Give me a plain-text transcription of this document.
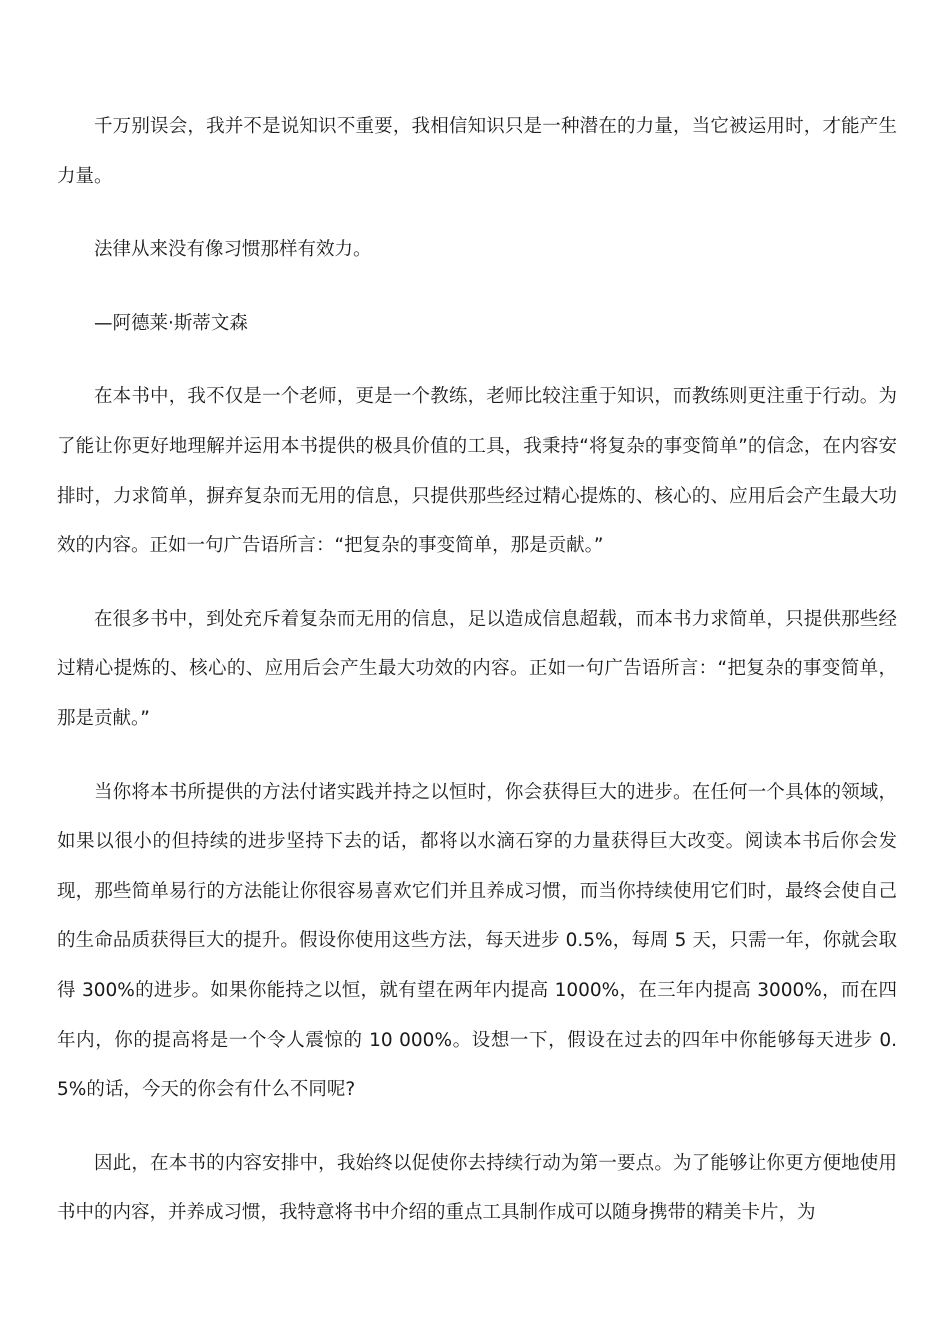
千万别误会，我并不是说知识不重要，我相信知识只是一种潜在的力量，当它被运用时，才能产生力量。

法律从来没有像习惯那样有效力。

—阿德莱·斯蒂文森

在本书中，我不仅是一个老师，更是一个教练，老师比较注重于知识，而教练则更注重于行动。为了能让你更好地理解并运用本书提供的极具价值的工具，我秉持“将复杂的事变简单”的信念，在内容安排时，力求简单，摒弃复杂而无用的信息，只提供那些经过精心提炼的、核心的、应用后会产生最大功效的内容。正如一句广告语所言：“把复杂的事变简单，那是贡献。”

在很多书中，到处充斥着复杂而无用的信息，足以造成信息超载，而本书力求简单，只提供那些经过精心提炼的、核心的、应用后会产生最大功效的内容。正如一句广告语所言：“把复杂的事变简单，那是贡献。”

当你将本书所提供的方法付诸实践并持之以恒时，你会获得巨大的进步。在任何一个具体的领域，如果以很小的但持续的进步坚持下去的话，都将以水滴石穿的力量获得巨大改变。阅读本书后你会发现，那些简单易行的方法能让你很容易喜欢它们并且养成习惯，而当你持续使用它们时，最终会使自己的生命品质获得巨大的提升。假设你使用这些方法，每天进步 0.5%，每周 5 天，只需一年，你就会取得 300%的进步。如果你能持之以恒，就有望在两年内提高 1000%，在三年内提高 3000%，而在四年内，你的提高将是一个令人震惊的 10 000%。设想一下，假设在过去的四年中你能够每天进步 0.5%的话，今天的你会有什么不同呢?

因此，在本书的内容安排中，我始终以促使你去持续行动为第一要点。为了能够让你更方便地使用书中的内容，并养成习惯，我特意将书中介绍的重点工具制作成可以随身携带的精美卡片，为
